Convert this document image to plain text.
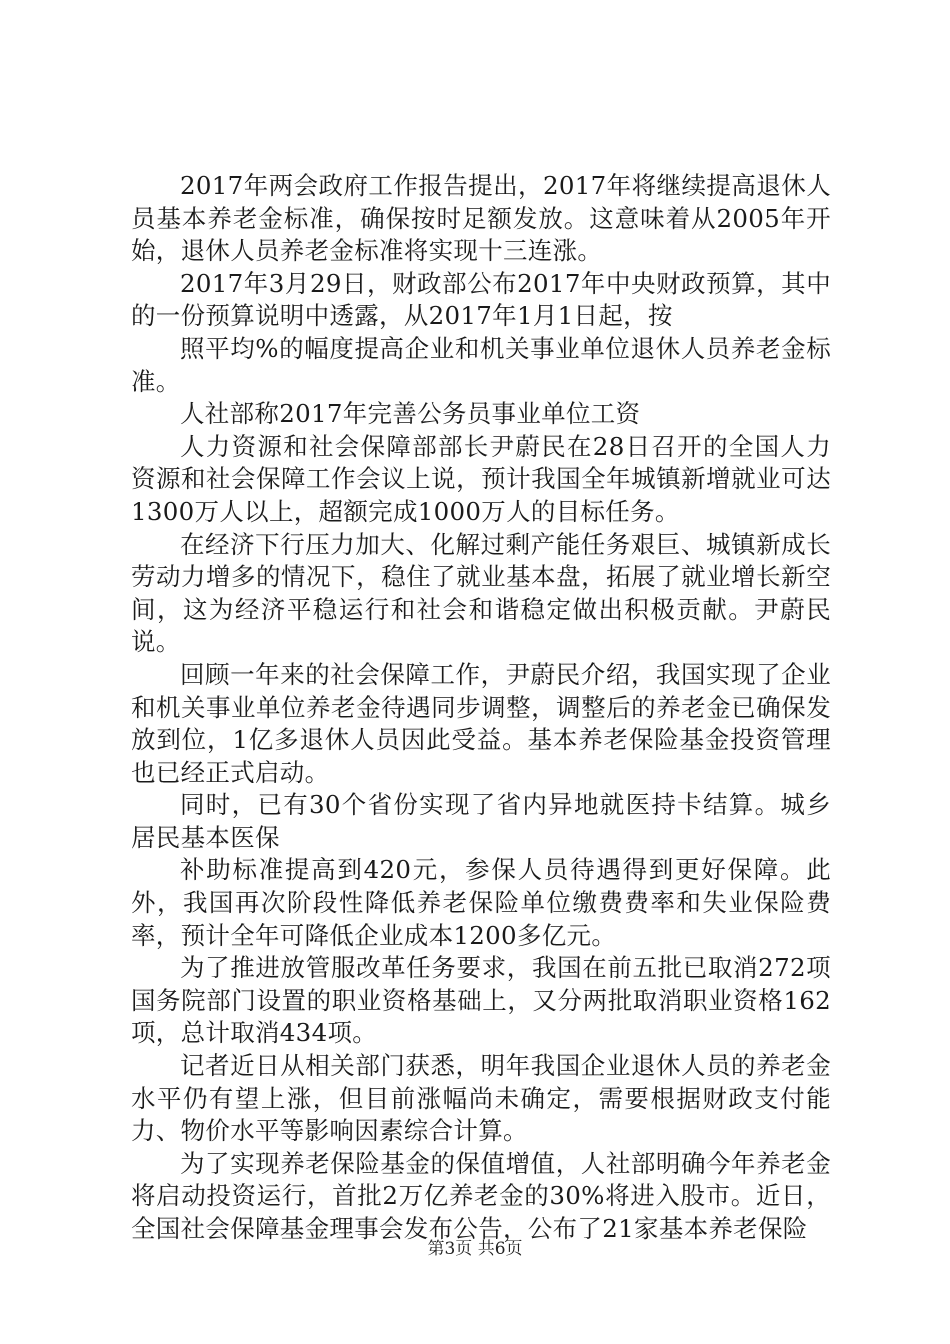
2017年两会政府工作报告提出，2017年将继续提高退休人员基本养老金标准，确保按时足额发放。这意味着从2005年开始，退休人员养老金标准将实现十三连涨。

2017年3月29日，财政部公布2017年中央财政预算，其中的一份预算说明中透露，从2017年1月1日起，按

照平均%的幅度提高企业和机关事业单位退休人员养老金标准。

人社部称2017年完善公务员事业单位工资

人力资源和社会保障部部长尹蔚民在28日召开的全国人力资源和社会保障工作会议上说，预计我国全年城镇新增就业可达1300万人以上，超额完成1000万人的目标任务。

在经济下行压力加大、化解过剩产能任务艰巨、城镇新成长劳动力增多的情况下，稳住了就业基本盘，拓展了就业增长新空间，这为经济平稳运行和社会和谐稳定做出积极贡献。尹蔚民说。

回顾一年来的社会保障工作，尹蔚民介绍，我国实现了企业和机关事业单位养老金待遇同步调整，调整后的养老金已确保发放到位，1亿多退休人员因此受益。基本养老保险基金投资管理也已经正式启动。

同时，已有30个省份实现了省内异地就医持卡结算。城乡居民基本医保

补助标准提高到420元，参保人员待遇得到更好保障。此外，我国再次阶段性降低养老保险单位缴费费率和失业保险费率，预计全年可降低企业成本1200多亿元。

为了推进放管服改革任务要求，我国在前五批已取消272项国务院部门设置的职业资格基础上，又分两批取消职业资格162项，总计取消434项。

记者近日从相关部门获悉，明年我国企业退休人员的养老金水平仍有望上涨，但目前涨幅尚未确定，需要根据财政支付能力、物价水平等影响因素综合计算。

为了实现养老保险基金的保值增值，人社部明确今年养老金将启动投资运行，首批2万亿养老金的30%将进入股市。近日，全国社会保障基金理事会发布公告，公布了21家基本养老保险

第3页 共6页
